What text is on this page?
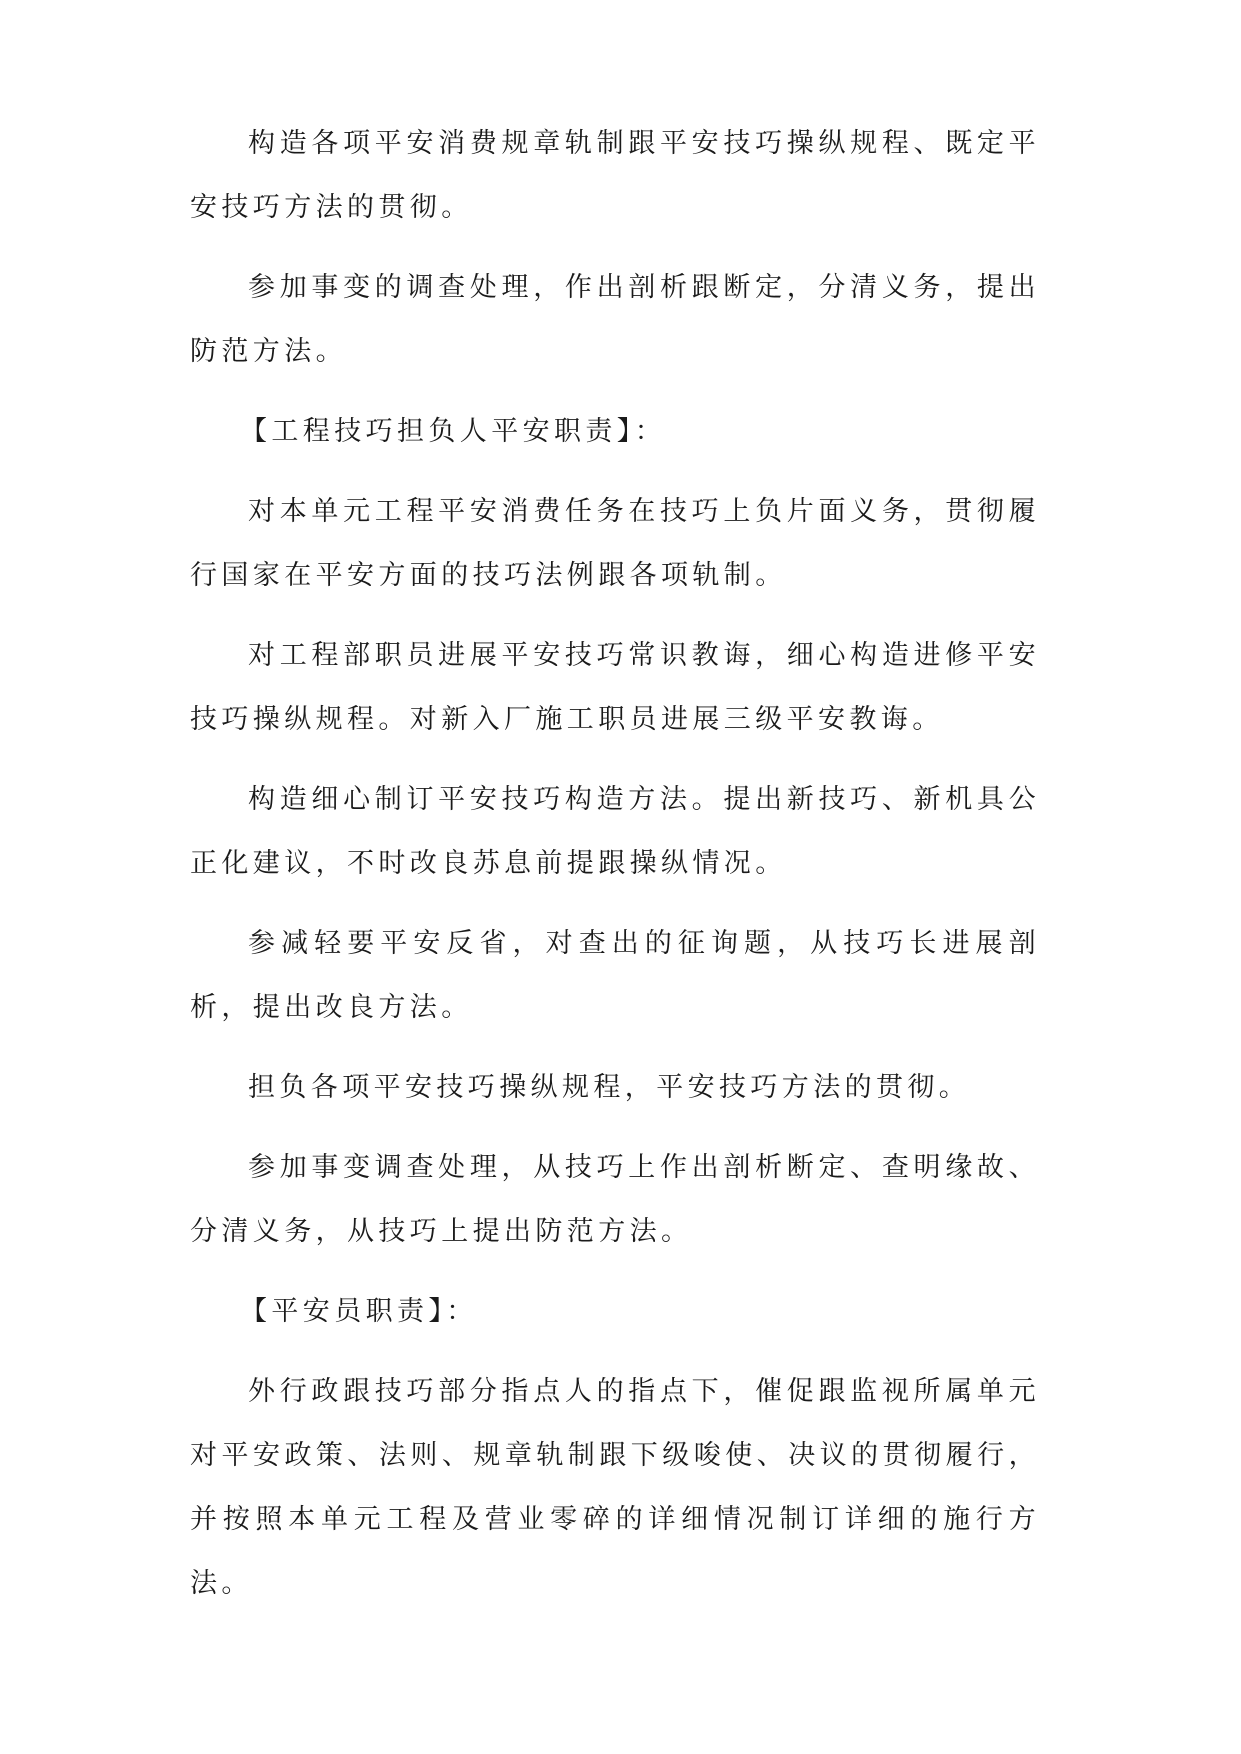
构造各项平安消费规章轨制跟平安技巧操纵规程、既定平安技巧方法的贯彻。

参加事变的调查处理，作出剖析跟断定，分清义务，提出防范方法。

【工程技巧担负人平安职责】：

对本单元工程平安消费任务在技巧上负片面义务，贯彻履行国家在平安方面的技巧法例跟各项轨制。

对工程部职员进展平安技巧常识教诲，细心构造进修平安技巧操纵规程。对新入厂施工职员进展三级平安教诲。

构造细心制订平安技巧构造方法。提出新技巧、新机具公正化建议，不时改良苏息前提跟操纵情况。

参减轻要平安反省，对查出的征询题，从技巧长进展剖析，提出改良方法。

担负各项平安技巧操纵规程，平安技巧方法的贯彻。

参加事变调查处理，从技巧上作出剖析断定、查明缘故、分清义务，从技巧上提出防范方法。

【平安员职责】：

外行政跟技巧部分指点人的指点下，催促跟监视所属单元对平安政策、法则、规章轨制跟下级唆使、决议的贯彻履行，并按照本单元工程及营业零碎的详细情况制订详细的施行方法。
